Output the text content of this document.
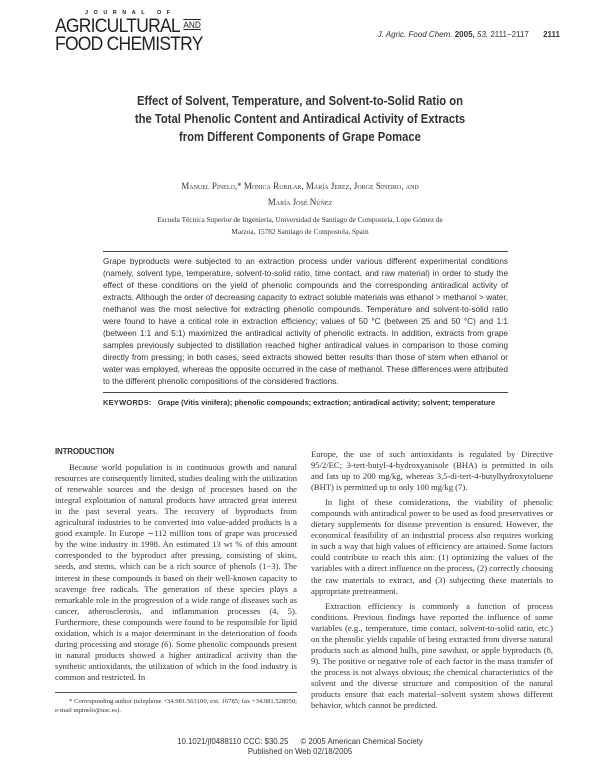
JOURNAL OF
AGRICULTURAL $^{AND}$
FOOD CHEMISTRY	J. Agric. Food Chem. 2005, 53, 2111−2117 2111
Effect of Solvent, Temperature, and Solvent-to-Solid Ratio on
the Total Phenolic Content and Antiradical Activity of Extracts
from Different Components of Grape Pomace
Manuel Pinelo,* Monica Rubilar, María Jerez, Jorge Sineiro, and
María José Núñez
Escuela Técnica Superior de Ingeniería, Universidad de Santiago de Compostela, Lope Gómez de
Marzoa, 15782 Santiago de Compostela, Spain
Grape byproducts were subjected to an extraction process under various different experimental conditions (namely, solvent type, temperature, solvent-to-solid ratio, time contact, and raw material) in order to study the effect of these conditions on the yield of phenolic compounds and the corresponding antiradical activity of extracts. Although the order of decreasing capacity to extract soluble materials was ethanol > methanol > water, methanol was the most selective for extracting phenolic compounds. Temperature and solvent-to-solid ratio were found to have a critical role in extraction efficiency; values of 50 °C (between 25 and 50 °C) and 1:1 (between 1:1 and 5:1) maximized the antiradical activity of phenolic extracts. In addition, extracts from grape samples previously subjected to distillation reached higher antiradical values in comparison to those coming directly from pressing; in both cases, seed extracts showed better results than those of stem when ethanol or water was employed, whereas the opposite occurred in the case of methanol. These differences were attributed to the different phenolic compositions of the considered fractions.
KEYWORDS: Grape (Vitis vinifera); phenolic compounds; extraction; antiradical activity; solvent; temperature
INTRODUCTION

Because world population is in continuous growth and natural resources are consequently limited, studies dealing with the utilization of renewable sources and the design of processes based on the integral exploitation of natural products have attracted great interest in the past several years. The recovery of byproducts from agricultural industries to be converted into value-added products is a good example. In Europe ∼112 million tons of grape was processed by the wine industry in 1998. An estimated 13 wt % of this amount corresponded to the byproduct after pressing, consisting of skins, seeds, and stems, which can be a rich source of phenols (1−3). The interest in these compounds is based on their well-known capacity to scavenge free radicals. The generation of these species plays a remarkable role in the progression of a wide range of diseases such as cancer, atherosclerosis, and inflammation processes (4, 5). Furthermore, these compounds were found to be responsible for lipid oxidation, which is a major determinant in the deterioration of foods during processing and storage (6). Some phenolic compounds present in natural products showed a higher antiradical activity than the synthetic antioxidants, the utilization of which in the food industry is common and restricted. In

Europe, the use of such antioxidants is regulated by Directive 95/2/EC; 3-tert-butyl-4-hydroxyanisole (BHA) is permitted in oils and fats up to 200 mg/kg, whereas 3,5-di-tert-4-butylhydroxytoluene (BHT) is permitted up to only 100 mg/kg (7).

In light of these considerations, the viability of phenolic compounds with antiradical power to be used as food preservatives or dietary supplements for disease prevention is ensured. However, the economical feasibility of an industrial process also requires working in such a way that high values of efficiency are attained. Some factors could contribute to reach this aim: (1) optimizing the values of the variables with a direct influence on the process, (2) correctly choosing the raw materials to extract, and (3) subjecting these materials to appropriate pretreatment.

Extraction efficiency is commonly a function of process conditions. Previous findings have reported the influence of some variables (e.g., temperature, time contact, solvent-to-solid ratio, etc.) on the phenolic yields capable of being extracted from diverse natural products such as almond hulls, pine sawdust, or apple byproducts (8, 9). The positive or negative role of each factor in the mass transfer of the process is not always obvious; the chemical characteristics of the solvent and the diverse structure and composition of the natural products ensure that each material−solvent system shows different behavior, which cannot be predicted.

* Corresponding author (telephone +34.981.563100, ext. 16785; fax +34.981.528050; e-mail mpinelo@usc.es).
10.1021/jf0488110 CCC: $30.25 © 2005 American Chemical Society
Published on Web 02/18/2005
